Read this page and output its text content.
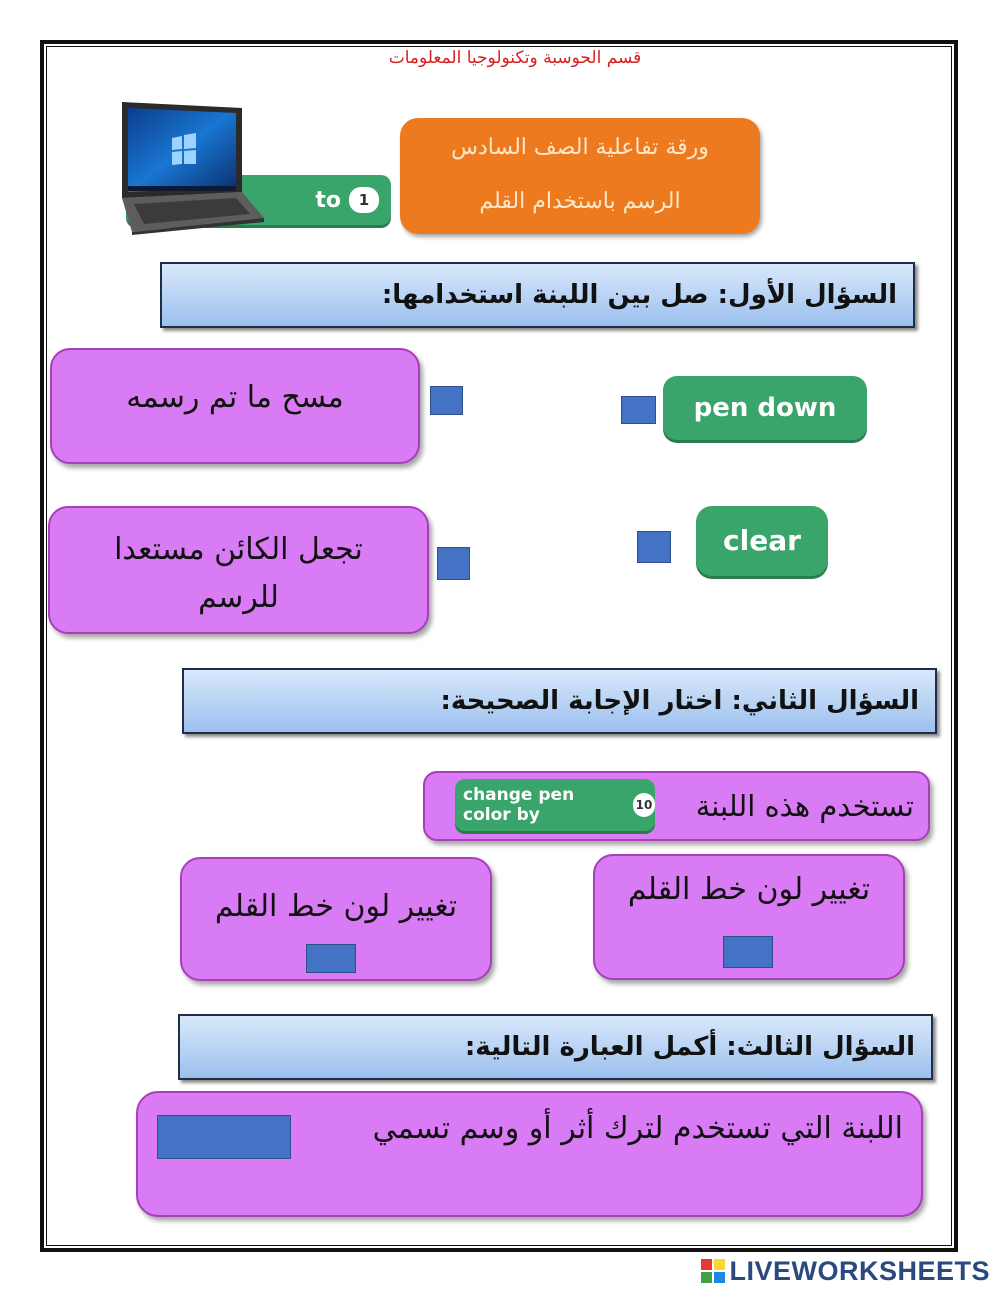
قسم الحوسبة وتكنولوجيا المعلومات
to	1
ورقة تفاعلية الصف السادس
الرسم باستخدام القلم
السؤال الأول: صل بين اللبنة استخدامها:
مسح ما تم رسمه	pen down
تجعل الكائن مستعدا
للرسم
clear
السؤال الثاني: اختار الإجابة الصحيحة:
تستخدم هذه اللبنة
change pen color by	10
تغيير لون خط القلم	تغيير لون خط القلم
السؤال الثالث: أكمل العبارة التالية:
اللبنة التي تستخدم لترك أثر أو وسم تسمي
LIVEWORKSHEETS
